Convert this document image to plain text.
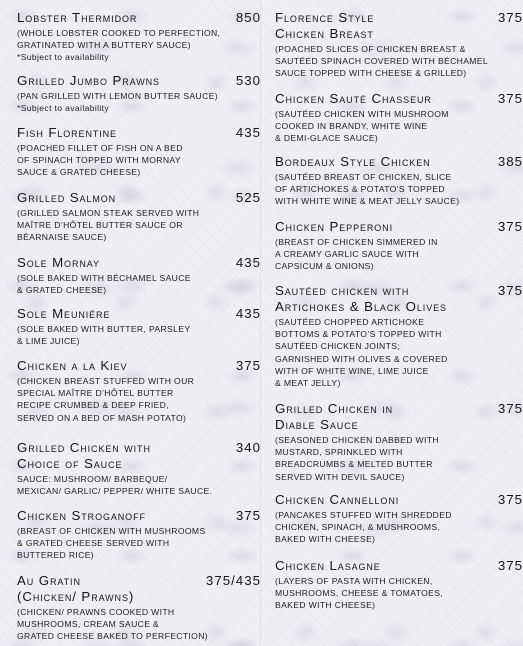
Lobster Thermidor	850
(WHOLE LOBSTER COOKED TO PERFECTION,
GRATINATED WITH A BUTTERY SAUCE)
*Subject to availability
Grilled Jumbo Prawns	530
(PAN GRILLED WITH LEMON BUTTER SAUCE)
*Subject to availability
Fish Florentine	435
(POACHED FILLET OF FISH ON A BED
OF SPINACH TOPPED WITH MORNAY
SAUCE & GRATED CHEESE)
Grilled Salmon	525
(GRILLED SALMON STEAK SERVED WITH
MAÎTRE D’HÔTEL BUTTER SAUCE OR
BÉARNAISE SAUCE)
Sole Mornay	435
(SOLE BAKED WITH BÉCHAMEL SAUCE
& GRATED CHEESE)
Sole Meuniére	435
(SOLE BAKED WITH BUTTER, PARSLEY
& LIME JUICE)
Chicken a la Kiev	375
(CHICKEN BREAST STUFFED WITH OUR
SPECIAL MAÎTRE D’HÔTEL BUTTER
RECIPE CRUMBED & DEEP FRIED,
SERVED ON A BED OF MASH POTATO)
Grilled Chicken with
Choice of Sauce
340
SAUCE: MUSHROOM/ BARBEQUE/
MEXICAN/ GARLIC/ PEPPER/ WHITE SAUCE.
Chicken Stroganoff	375
(BREAST OF CHICKEN WITH MUSHROOMS
& GRATED CHEESE SERVED WITH
BUTTERED RICE)
Au Gratin
(Chicken/ Prawns)
375/435
(CHICKEN/ PRAWNS COOKED WITH
MUSHROOMS, CREAM SAUCE &
GRATED CHEESE BAKED TO PERFECTION)
Florence Style
Chicken Breast
375
(POACHED SLICES OF CHICKEN BREAST &
SAUTÉED SPINACH COVERED WITH BÉCHAMEL
SAUCE TOPPED WITH CHEESE & GRILLED)
Chicken Sauté Chasseur	375
(SAUTÉED CHICKEN WITH MUSHROOM
COOKED IN BRANDY, WHITE WINE
& DEMI-GLACE SAUCE)
Bordeaux Style Chicken	385
(SAUTÉED BREAST OF CHICKEN, SLICE
OF ARTICHOKES & POTATO’S TOPPED
WITH WHITE WINE & MEAT JELLY SAUCE)
Chicken Pepperoni	375
(BREAST OF CHICKEN SIMMERED IN
A CREAMY GARLIC SAUCE WITH
CAPSICUM & ONIONS)
Sautéed chicken with
Artichokes & Black Olives
375
(SAUTÉED CHOPPED ARTICHOKE
BOTTOMS & POTATO’S TOPPED WITH
SAUTÉED CHICKEN JOINTS;
GARNISHED WITH OLIVES & COVERED
WITH OF WHITE WINE, LIME JUICE
& MEAT JELLY)
Grilled Chicken in
Diable Sauce
375
(SEASONED CHICKEN DABBED WITH
MUSTARD, SPRINKLED WITH
BREADCRUMBS & MELTED BUTTER
SERVED WITH DEVIL SAUCE)
Chicken Cannelloni	375
(PANCAKES STUFFED WITH SHREDDED
CHICKEN, SPINACH, & MUSHROOMS,
BAKED WITH CHEESE)
Chicken Lasagne	375
(LAYERS OF PASTA WITH CHICKEN,
MUSHROOMS, CHEESE & TOMATOES,
BAKED WITH CHEESE)
